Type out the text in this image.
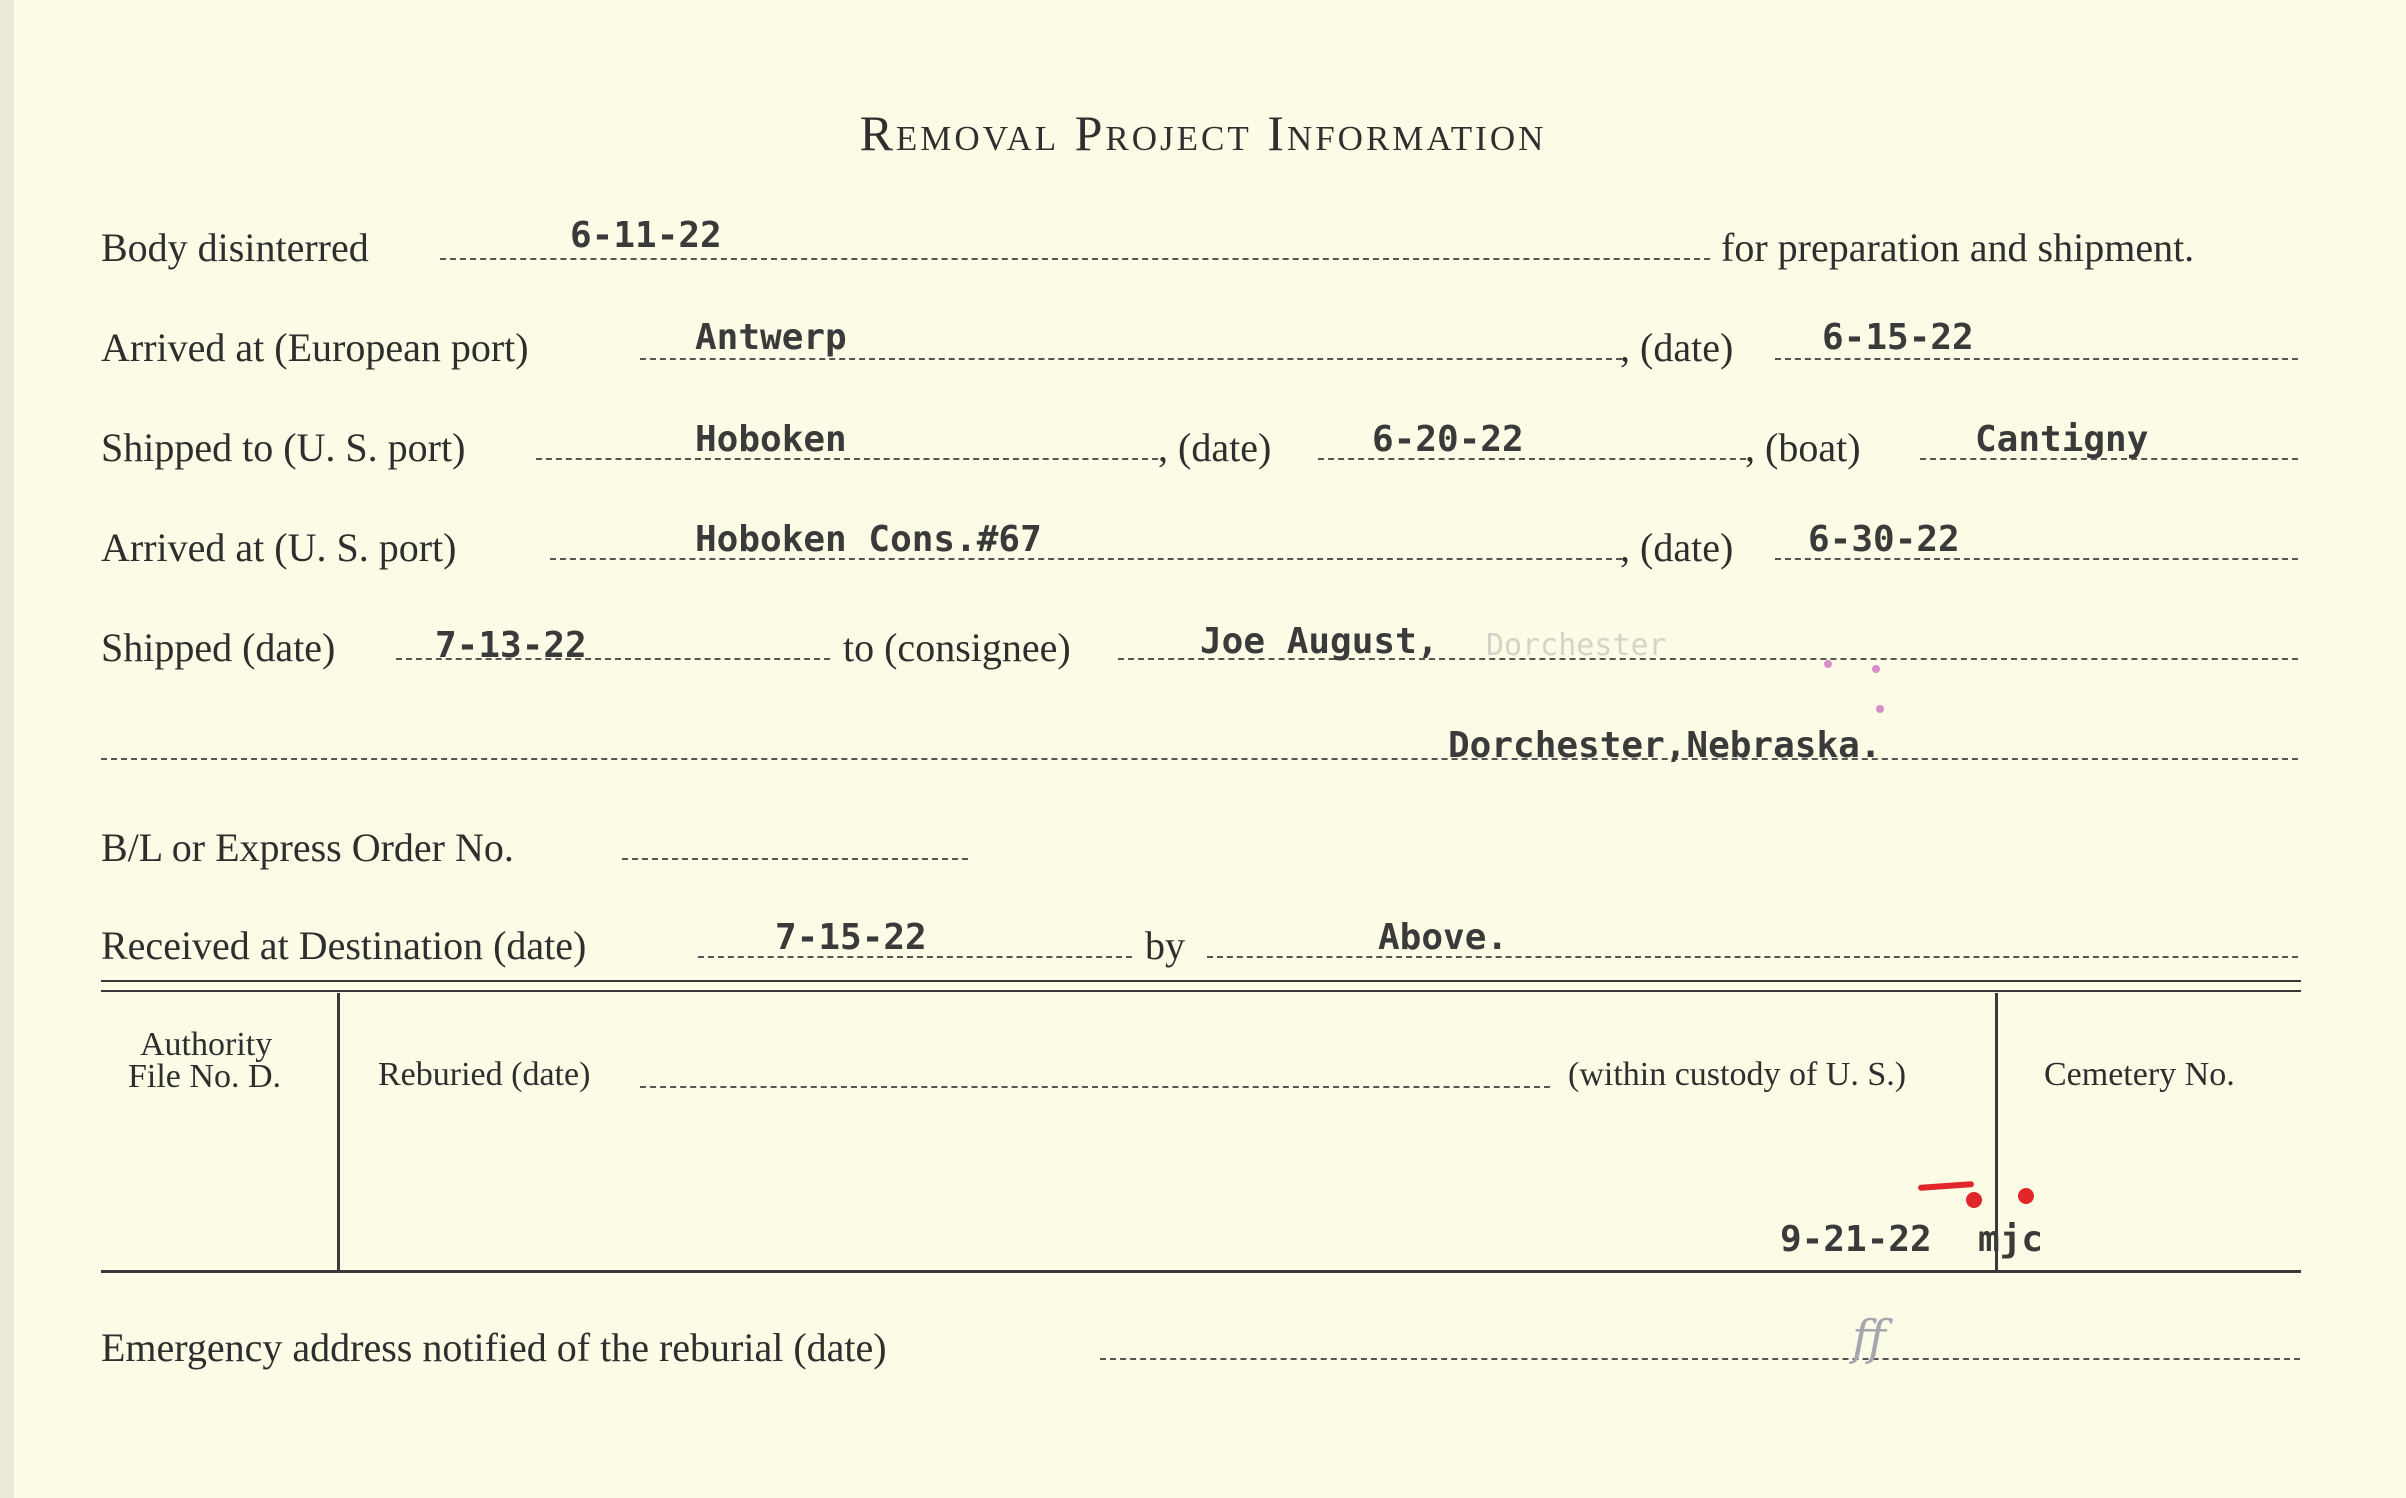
Removal Project Information
Body disinterred	6-11-22	for preparation and shipment.
Arrived at (European port)	Antwerp	, (date) 6-15-22
Shipped to (U. S. port)	Hoboken	, (date)	6-20-22	, (boat)	Cantigny
Arrived at (U. S. port)	Hoboken Cons.#67	, (date) 6-30-22
Shipped (date)	7-13-22	to (consignee)	Joe August, Dorchester
Dorchester,Nebraska.
B/L or Express Order No.
Received at Destination (date)	7-15-22	by	Above.
Authority
File No. D.	Reburied (date)	(within custody of U. S.)	Cemetery No.
9-21-22 mjc
Emergency address notified of the reburial (date)	ff
